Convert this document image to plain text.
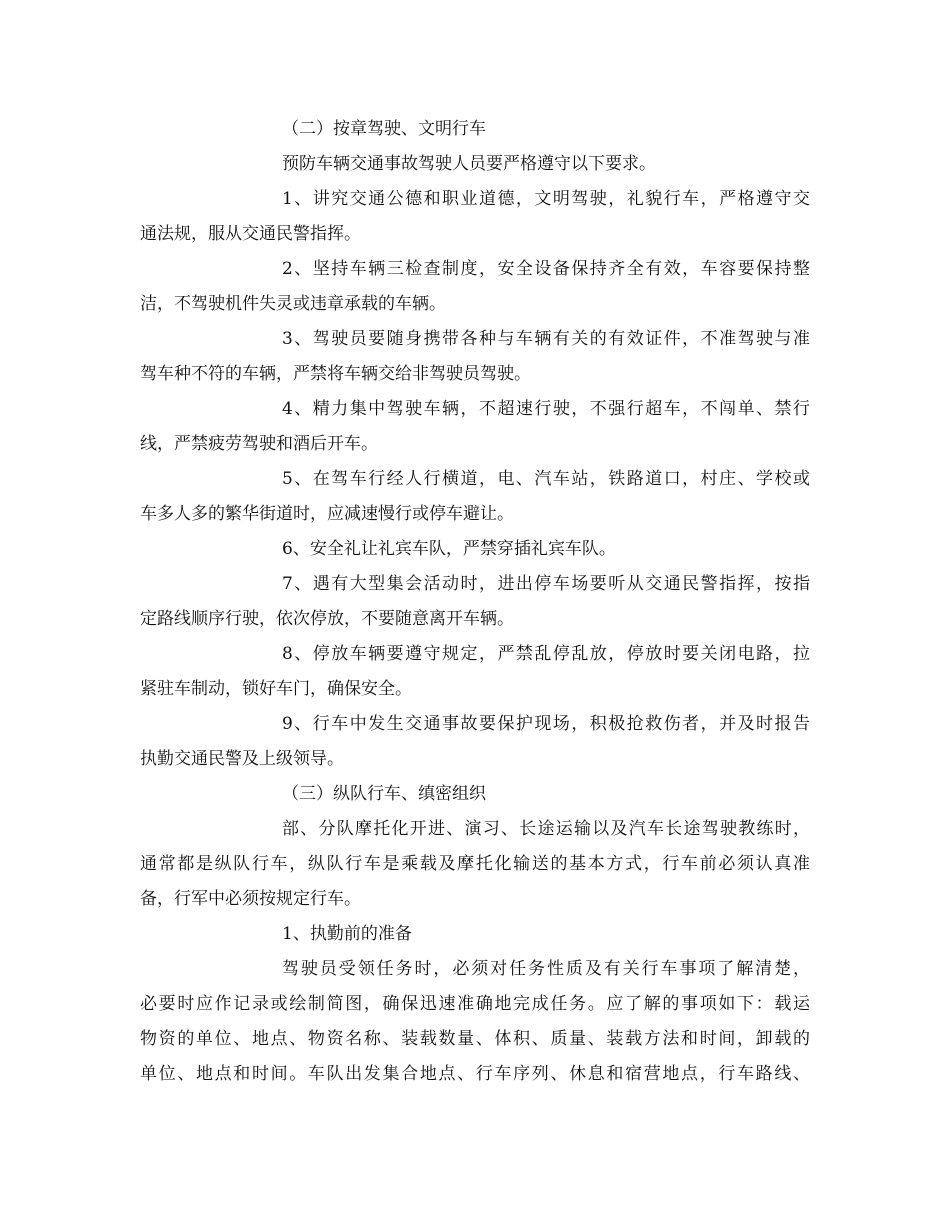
（二）按章驾驶、文明行车
预防车辆交通事故驾驶人员要严格遵守以下要求。
1、讲究交通公德和职业道德，文明驾驶，礼貌行车，严格遵守交
通法规，服从交通民警指挥。
2、坚持车辆三检查制度，安全设备保持齐全有效，车容要保持整
洁，不驾驶机件失灵或违章承载的车辆。
3、驾驶员要随身携带各种与车辆有关的有效证件，不准驾驶与准
驾车种不符的车辆，严禁将车辆交给非驾驶员驾驶。
4、精力集中驾驶车辆，不超速行驶，不强行超车，不闯单、禁行
线，严禁疲劳驾驶和酒后开车。
5、在驾车行经人行横道，电、汽车站，铁路道口，村庄、学校或
车多人多的繁华街道时，应减速慢行或停车避让。
6、安全礼让礼宾车队，严禁穿插礼宾车队。
7、遇有大型集会活动时，进出停车场要听从交通民警指挥，按指
定路线顺序行驶，依次停放，不要随意离开车辆。
8、停放车辆要遵守规定，严禁乱停乱放，停放时要关闭电路，拉
紧驻车制动，锁好车门，确保安全。
9、行车中发生交通事故要保护现场，积极抢救伤者，并及时报告
执勤交通民警及上级领导。
（三）纵队行车、缜密组织
部、分队摩托化开进、演习、长途运输以及汽车长途驾驶教练时，
通常都是纵队行车，纵队行车是乘载及摩托化输送的基本方式，行车前必须认真准
备，行军中必须按规定行车。
1、执勤前的准备
驾驶员受领任务时，必须对任务性质及有关行车事项了解清楚，
必要时应作记录或绘制简图，确保迅速准确地完成任务。应了解的事项如下：载运
物资的单位、地点、物资名称、装载数量、体积、质量、装载方法和时间，卸载的
单位、地点和时间。车队出发集合地点、行车序列、休息和宿营地点，行车路线、
